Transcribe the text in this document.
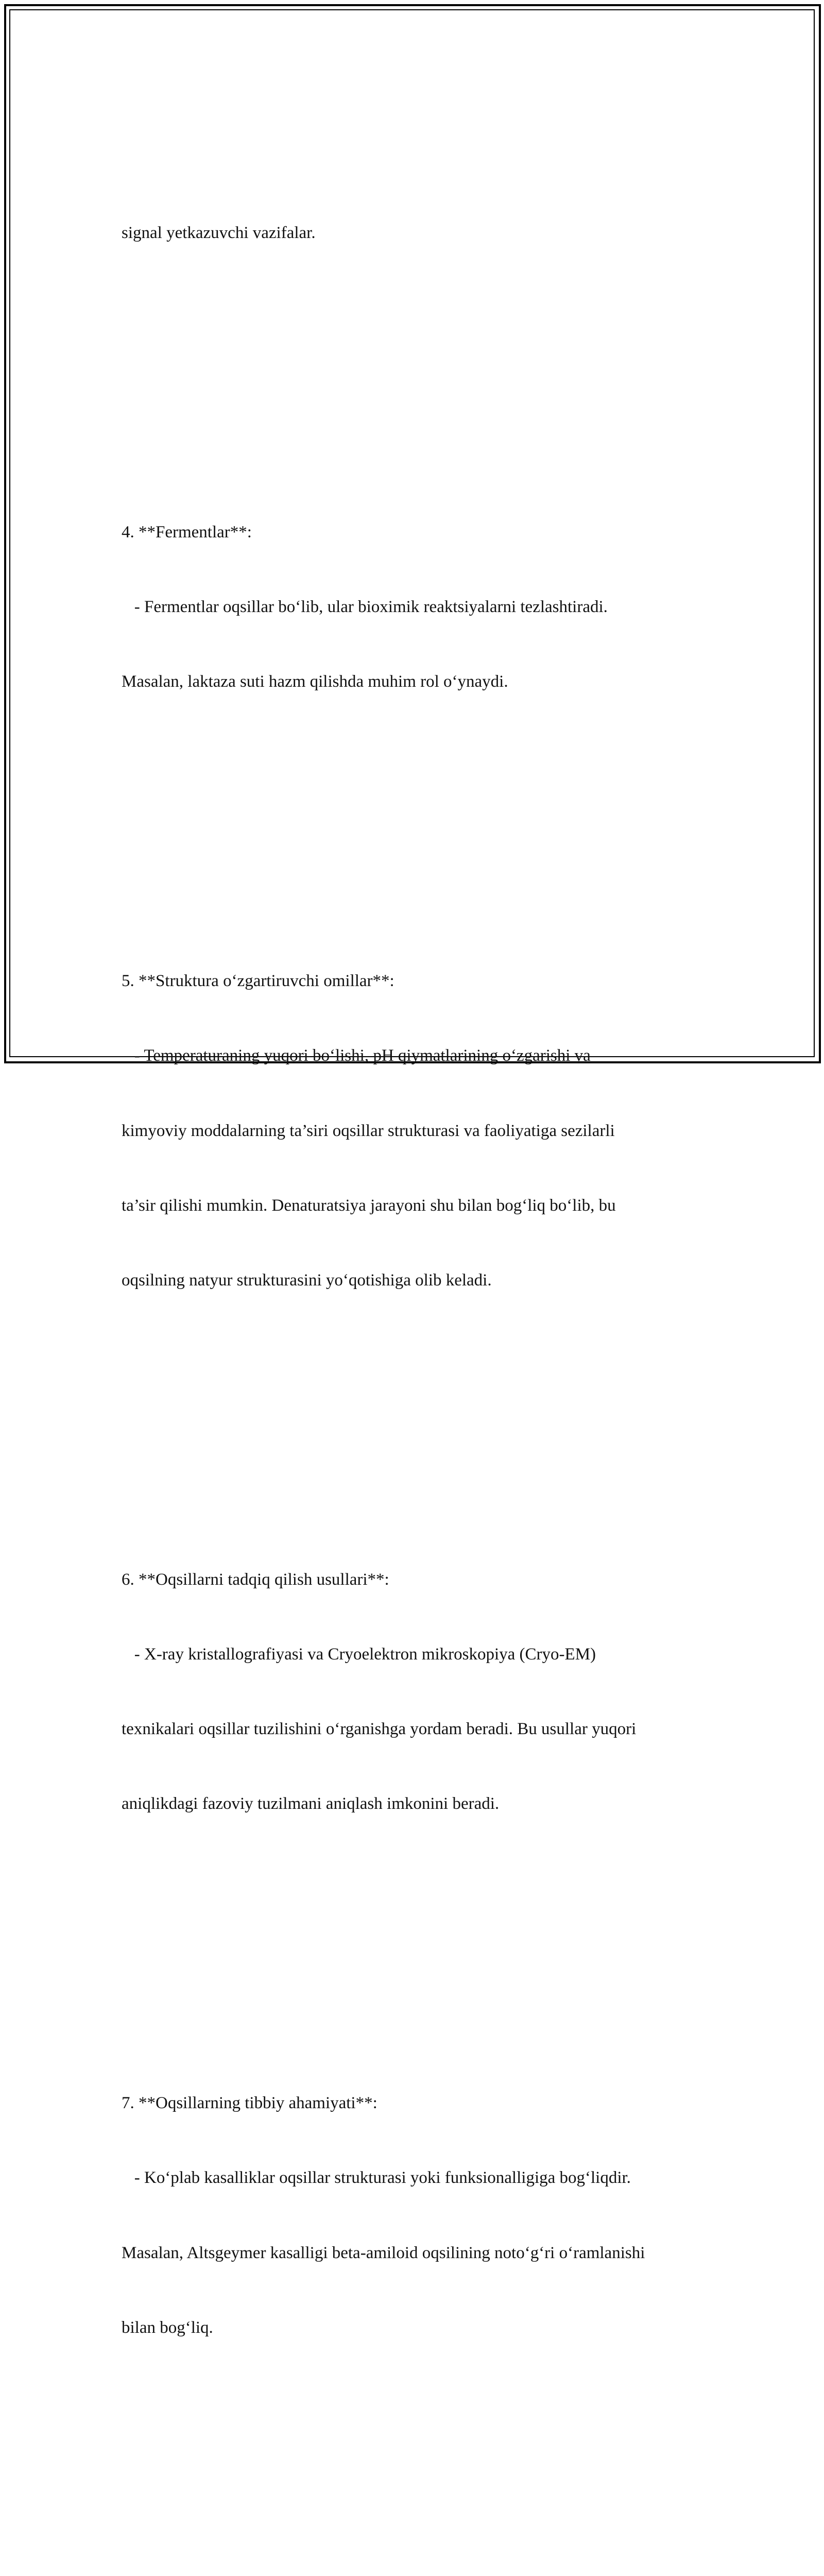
signal yetkazuvchi vazifalar.

4. **Fermentlar**:

- Fermentlar oqsillar bo‘lib, ular bioximik reaktsiyalarni tezlashtiradi.

Masalan, laktaza suti hazm qilishda muhim rol o‘ynaydi.

5. **Struktura o‘zgartiruvchi omillar**:

- Temperaturaning yuqori bo‘lishi, pH qiymatlarining o‘zgarishi va

kimyoviy moddalarning ta’siri oqsillar strukturasi va faoliyatiga sezilarli

ta’sir qilishi mumkin. Denaturatsiya jarayoni shu bilan bog‘liq bo‘lib, bu

oqsilning natyur strukturasini yo‘qotishiga olib keladi.

6. **Oqsillarni tadqiq qilish usullari**:

- X-ray kristallografiyasi va Cryoelektron mikroskopiya (Cryo-EM)

texnikalari oqsillar tuzilishini o‘rganishga yordam beradi. Bu usullar yuqori

aniqlikdagi fazoviy tuzilmani aniqlash imkonini beradi.

7. **Oqsillarning tibbiy ahamiyati**:

- Ko‘plab kasalliklar oqsillar strukturasi yoki funksionalligiga bog‘liqdir.

Masalan, Altsgeymer kasalligi beta-amiloid oqsilining noto‘g‘ri o‘ramlanishi

bilan bog‘liq.
